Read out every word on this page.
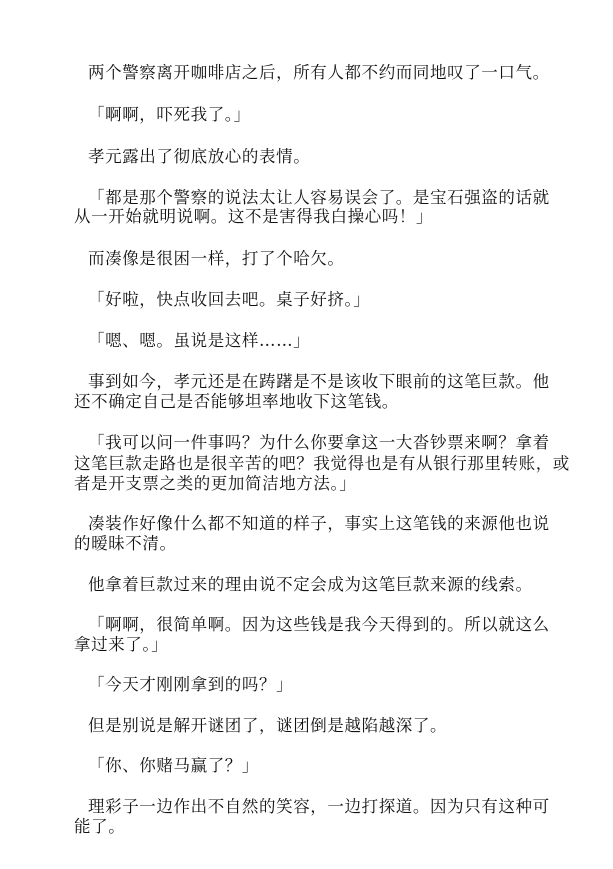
两个警察离开咖啡店之后，所有人都不约而同地叹了一口气。

「啊啊，吓死我了。」

孝元露出了彻底放心的表情。

「都是那个警察的说法太让人容易误会了。是宝石强盗的话就

从一开始就明说啊。这不是害得我白操心吗！」

而凑像是很困一样，打了个哈欠。

「好啦，快点收回去吧。桌子好挤。」

「嗯、嗯。虽说是这样……」

事到如今，孝元还是在踌躇是不是该收下眼前的这笔巨款。他

还不确定自己是否能够坦率地收下这笔钱。

「我可以问一件事吗？为什么你要拿这一大沓钞票来啊？拿着

这笔巨款走路也是很辛苦的吧？我觉得也是有从银行那里转账，或

者是开支票之类的更加简洁地方法。」

凑装作好像什么都不知道的样子，事实上这笔钱的来源他也说

的暧昧不清。

他拿着巨款过来的理由说不定会成为这笔巨款来源的线索。

「啊啊，很简单啊。因为这些钱是我今天得到的。所以就这么

拿过来了。」

「今天才刚刚拿到的吗？」

但是别说是解开谜团了，谜团倒是越陷越深了。

「你、你赌马赢了？」

理彩子一边作出不自然的笑容，一边打探道。因为只有这种可

能了。
